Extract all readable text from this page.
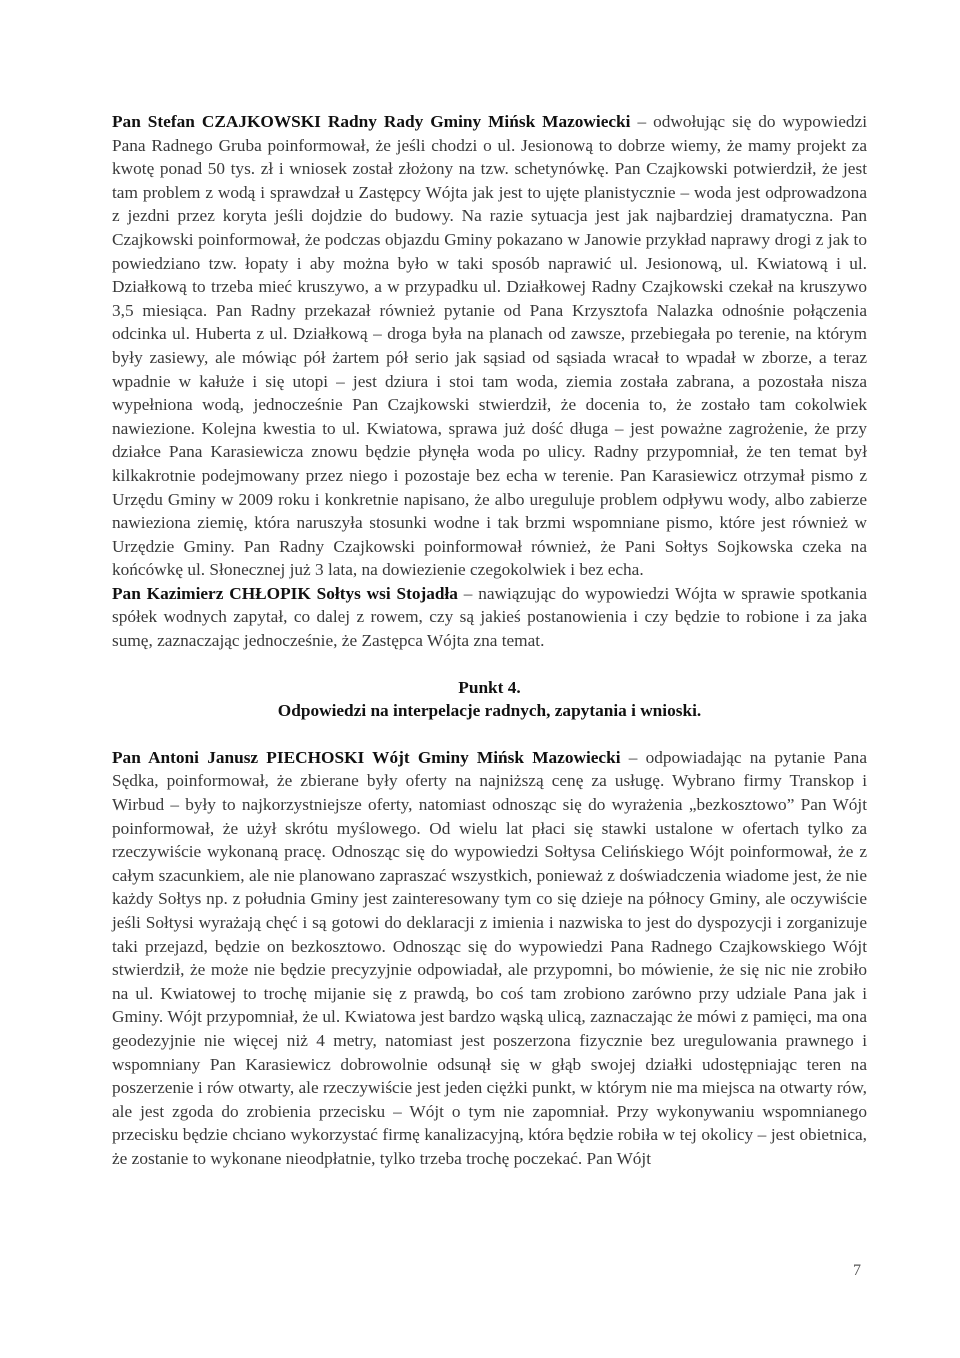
Pan Stefan CZAJKOWSKI Radny Rady Gminy Mińsk Mazowiecki – odwołując się do wypowiedzi Pana Radnego Gruba poinformował, że jeśli chodzi o ul. Jesionową to dobrze wiemy, że mamy projekt za kwotę ponad 50 tys. zł i wniosek został złożony na tzw. schetynówkę. Pan Czajkowski potwierdził, że jest tam problem z wodą i sprawdzał u Zastępcy Wójta jak jest to ujęte planistycznie – woda jest odprowadzona z jezdni przez koryta jeśli dojdzie do budowy. Na razie sytuacja jest jak najbardziej dramatyczna. Pan Czajkowski poinformował, że podczas objazdu Gminy pokazano w Janowie przykład naprawy drogi z jak to powiedziano tzw. łopaty i aby można było w taki sposób naprawić ul. Jesionową, ul. Kwiatową i ul. Działkową to trzeba mieć kruszywo, a w przypadku ul. Działkowej Radny Czajkowski czekał na kruszywo 3,5 miesiąca. Pan Radny przekazał również pytanie od Pana Krzysztofa Nalazka odnośnie połączenia odcinka ul. Huberta z ul. Działkową – droga była na planach od zawsze, przebiegała po terenie, na którym były zasiewy, ale mówiąc pół żartem pół serio jak sąsiad od sąsiada wracał to wpadał w zborze, a teraz wpadnie w kałuże i się utopi – jest dziura i stoi tam woda, ziemia została zabrana, a pozostała nisza wypełniona wodą, jednocześnie Pan Czajkowski stwierdził, że docenia to, że zostało tam cokolwiek nawiezione. Kolejna kwestia to ul. Kwiatowa, sprawa już dość długa – jest poważne zagrożenie, że przy działce Pana Karasiewicza znowu będzie płynęła woda po ulicy. Radny przypomniał, że ten temat był kilkakrotnie podejmowany przez niego i pozostaje bez echa w terenie. Pan Karasiewicz otrzymał pismo z Urzędu Gminy w 2009 roku i konkretnie napisano, że albo ureguluje problem odpływu wody, albo zabierze nawieziona ziemię, która naruszyła stosunki wodne i tak brzmi wspomniane pismo, które jest również w Urzędzie Gminy. Pan Radny Czajkowski poinformował również, że Pani Sołtys Sojkowska czeka na końcówkę ul. Słonecznej już 3 lata, na dowiezienie czegokolwiek i bez echa.

Pan Kazimierz CHŁOPIK Sołtys wsi Stojadła – nawiązując do wypowiedzi Wójta w sprawie spotkania spółek wodnych zapytał, co dalej z rowem, czy są jakieś postanowienia i czy będzie to robione i za jaka sumę, zaznaczając jednocześnie, że Zastępca Wójta zna temat.

Punkt 4.
Odpowiedzi na interpelacje radnych, zapytania i wnioski.

Pan Antoni Janusz PIECHOSKI Wójt Gminy Mińsk Mazowiecki – odpowiadając na pytanie Pana Sędka, poinformował, że zbierane były oferty na najniższą cenę za usługę. Wybrano firmy Transkop i Wirbud – były to najkorzystniejsze oferty, natomiast odnosząc się do wyrażenia „bezkosztowo” Pan Wójt poinformował, że użył skrótu myślowego. Od wielu lat płaci się stawki ustalone w ofertach tylko za rzeczywiście wykonaną pracę. Odnosząc się do wypowiedzi Sołtysa Celińskiego Wójt poinformował, że z całym szacunkiem, ale nie planowano zapraszać wszystkich, ponieważ z doświadczenia wiadome jest, że nie każdy Sołtys np. z południa Gminy jest zainteresowany tym co się dzieje na północy Gminy, ale oczywiście jeśli Sołtysi wyrażają chęć i są gotowi do deklaracji z imienia i nazwiska to jest do dyspozycji i zorganizuje taki przejazd, będzie on bezkosztowo. Odnosząc się do wypowiedzi Pana Radnego Czajkowskiego Wójt stwierdził, że może nie będzie precyzyjnie odpowiadał, ale przypomni, bo mówienie, że się nic nie zrobiło na ul. Kwiatowej to trochę mijanie się z prawdą, bo coś tam zrobiono zarówno przy udziale Pana jak i Gminy. Wójt przypomniał, że ul. Kwiatowa jest bardzo wąską ulicą, zaznaczając że mówi z pamięci, ma ona geodezyjnie nie więcej niż 4 metry, natomiast jest poszerzona fizycznie bez uregulowania prawnego i wspomniany Pan Karasiewicz dobrowolnie odsunął się w głąb swojej działki udostępniając teren na poszerzenie i rów otwarty, ale rzeczywiście jest jeden ciężki punkt, w którym nie ma miejsca na otwarty rów, ale jest zgoda do zrobienia przecisku – Wójt o tym nie zapomniał. Przy wykonywaniu wspomnianego przecisku będzie chciano wykorzystać firmę kanalizacyjną, która będzie robiła w tej okolicy – jest obietnica, że zostanie to wykonane nieodpłatnie, tylko trzeba trochę poczekać. Pan Wójt

7
